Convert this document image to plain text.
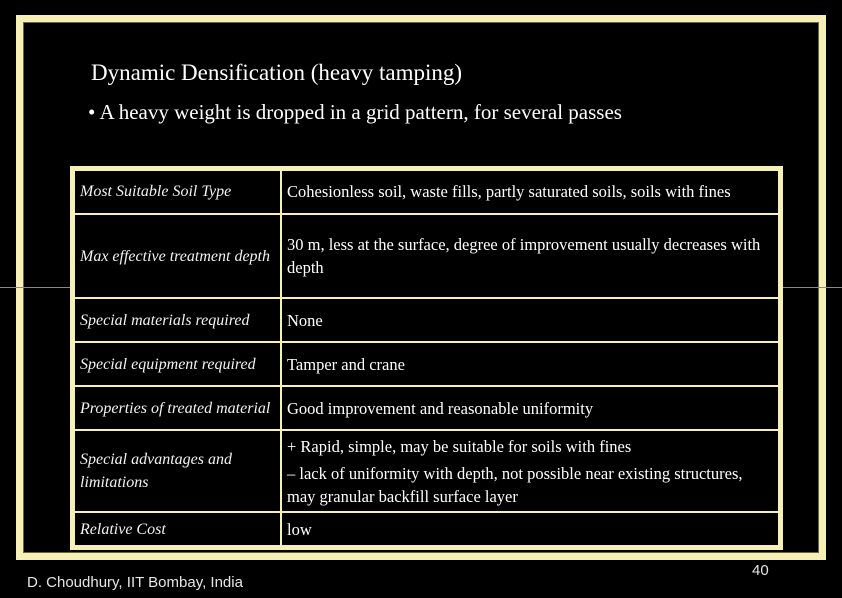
Dynamic Densification (heavy tamping)
• A heavy weight is dropped in a grid pattern, for several passes
Most Suitable Soil Type	Cohesionless soil, waste fills, partly saturated soils, soils with fines
Max effective treatment depth	30 m, less at the surface, degree of improvement usually decreases with depth
Special materials required	None
Special equipment required	Tamper and crane
Properties of treated material	Good improvement and reasonable uniformity
Special advantages and limitations	+ Rapid, simple, may be suitable for soils with fines
– lack of uniformity with depth, not possible near existing structures, may granular backfill surface layer

Relative Cost	low
D. Choudhury, IIT Bombay, India
40
